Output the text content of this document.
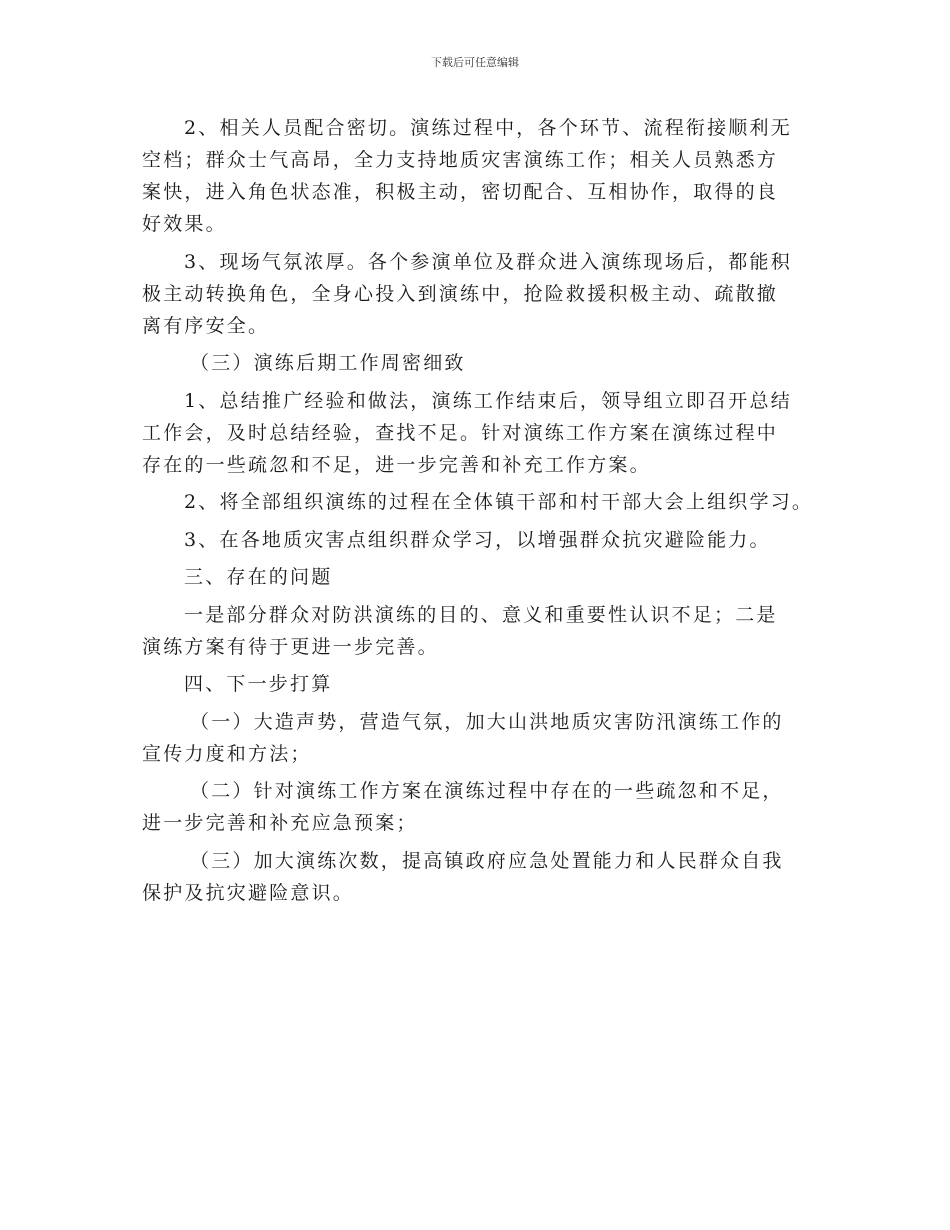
下载后可任意编辑
2、相关人员配合密切。演练过程中，各个环节、流程衔接顺利无
空档；群众士气高昂，全力支持地质灾害演练工作；相关人员熟悉方
案快，进入角色状态准，积极主动，密切配合、互相协作，取得的良
好效果。
3、现场气氛浓厚。各个参演单位及群众进入演练现场后，都能积
极主动转换角色，全身心投入到演练中，抢险救援积极主动、疏散撤
离有序安全。
（三）演练后期工作周密细致
1、总结推广经验和做法，演练工作结束后，领导组立即召开总结
工作会，及时总结经验，查找不足。针对演练工作方案在演练过程中
存在的一些疏忽和不足，进一步完善和补充工作方案。
2、将全部组织演练的过程在全体镇干部和村干部大会上组织学习。
3、在各地质灾害点组织群众学习，以增强群众抗灾避险能力。
三、存在的问题
一是部分群众对防洪演练的目的、意义和重要性认识不足；二是
演练方案有待于更进一步完善。
四、下一步打算
（一）大造声势，营造气氛，加大山洪地质灾害防汛演练工作的
宣传力度和方法；
（二）针对演练工作方案在演练过程中存在的一些疏忽和不足，
进一步完善和补充应急预案；
（三）加大演练次数，提高镇政府应急处置能力和人民群众自我
保护及抗灾避险意识。
